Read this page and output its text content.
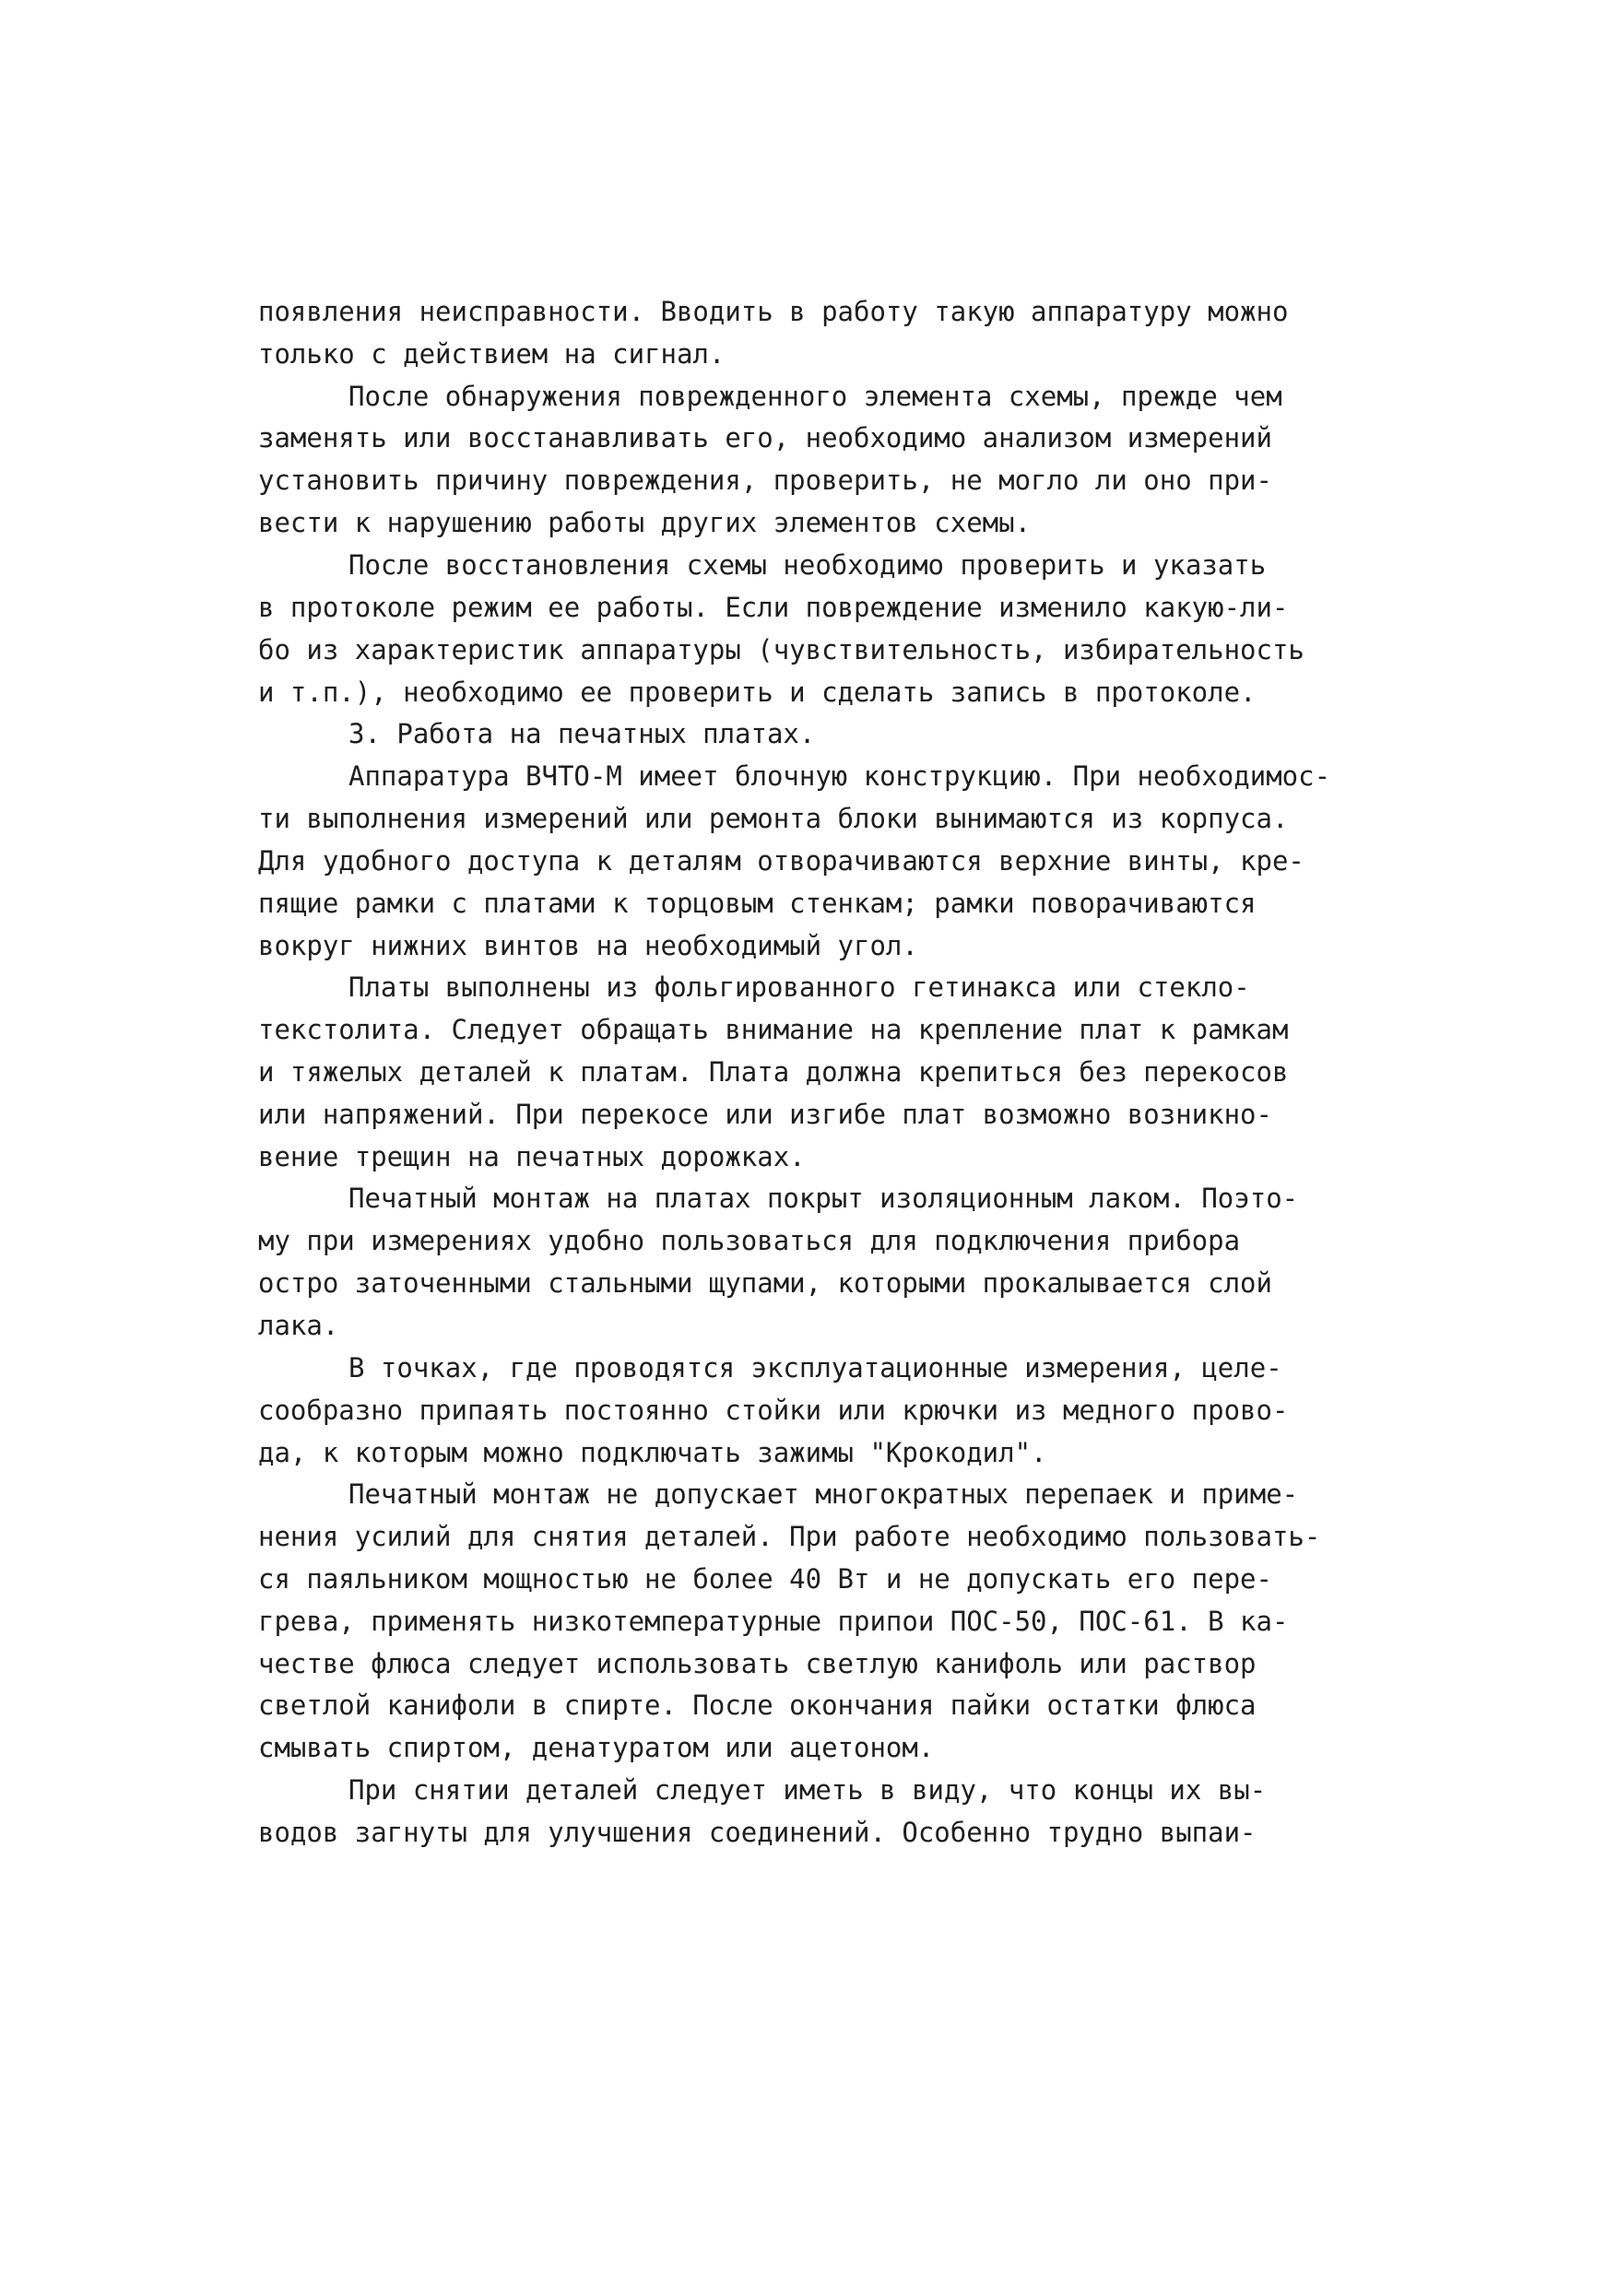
появления неисправности. Вводить в работу такую аппаратуру можно
только с действием на сигнал.
После обнаружения поврежденного элемента схемы, прежде чем
заменять или восстанавливать его, необходимо анализом измерений
установить причину повреждения, проверить, не могло ли оно при-
вести к нарушению работы других элементов схемы.
После восстановления схемы необходимо проверить и указать
в протоколе режим ее работы. Если повреждение изменило какую-ли-
бо из характеристик аппаратуры (чувствительность, избирательность
и т.п.), необходимо ее проверить и сделать запись в протоколе.
3. Работа на печатных платах.
Аппаратура ВЧТО-М имеет блочную конструкцию. При необходимос-
ти выполнения измерений или ремонта блоки вынимаются из корпуса.
Для удобного доступа к деталям отворачиваются верхние винты, кре-
пящие рамки с платами к торцовым стенкам; рамки поворачиваются
вокруг нижних винтов на необходимый угол.
Платы выполнены из фольгированного гетинакса или стекло-
текстолита. Следует обращать внимание на крепление плат к рамкам
и тяжелых деталей к платам. Плата должна крепиться без перекосов
или напряжений. При перекосе или изгибе плат возможно возникно-
вение трещин на печатных дорожках.
Печатный монтаж на платах покрыт изоляционным лаком. Поэто-
му при измерениях удобно пользоваться для подключения прибора
остро заточенными стальными щупами, которыми прокалывается слой
лака.
В точках, где проводятся эксплуатационные измерения, целе-
сообразно припаять постоянно стойки или крючки из медного прово-
да, к которым можно подключать зажимы "Крокодил".
Печатный монтаж не допускает многократных перепаек и приме-
нения усилий для снятия деталей. При работе необходимо пользовать-
ся паяльником мощностью не более 40 Вт и не допускать его пере-
грева, применять низкотемпературные припои ПОС-50, ПОС-61. В ка-
честве флюса следует использовать светлую канифоль или раствор
светлой канифоли в спирте. После окончания пайки остатки флюса
смывать спиртом, денатуратом или ацетоном.
При снятии деталей следует иметь в виду, что концы их вы-
водов загнуты для улучшения соединений. Особенно трудно выпаи-
